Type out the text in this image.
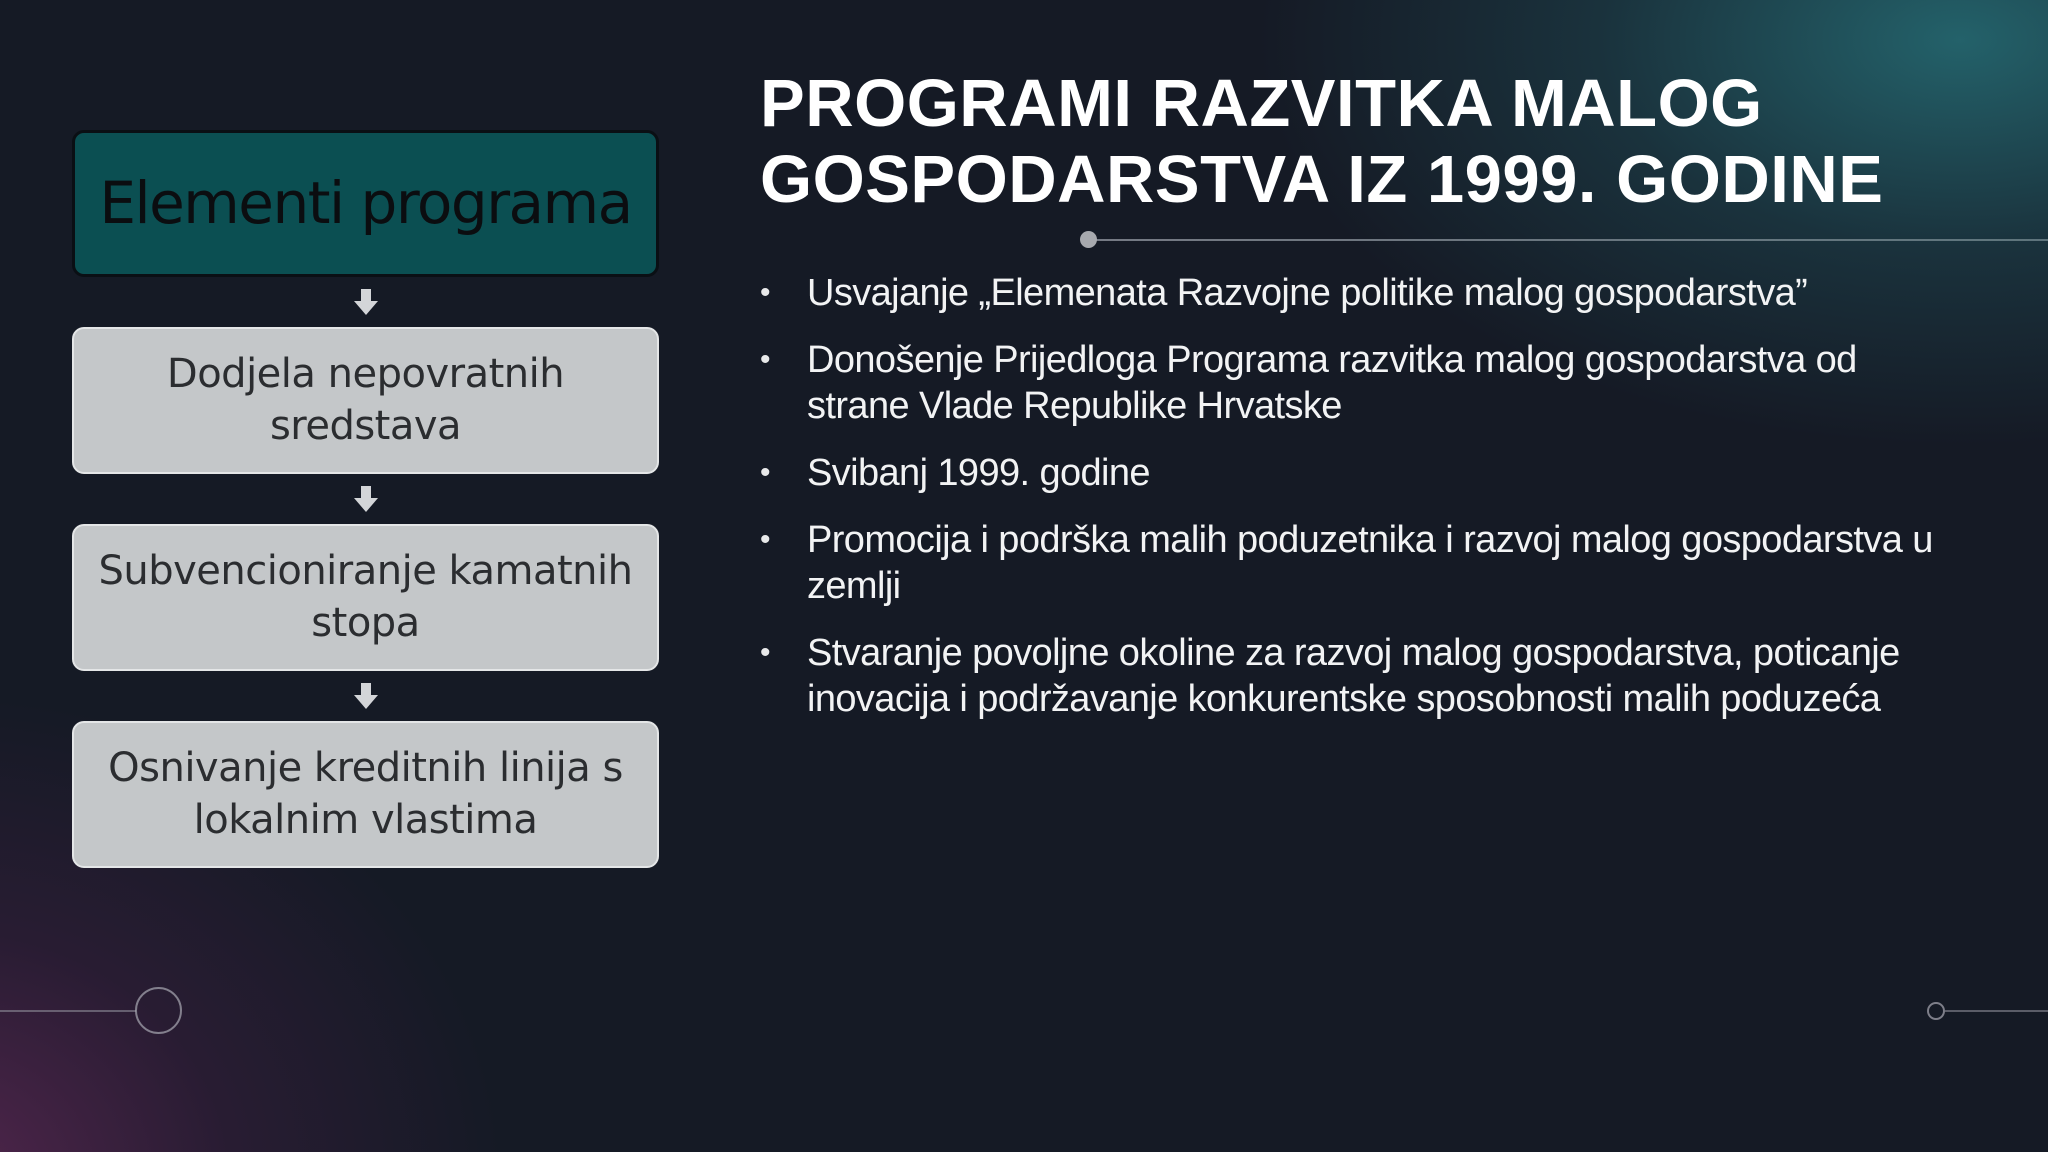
Elementi programa
Dodjela nepovratnih sredstava
Subvencioniranje kamatnih stopa
Osnivanje kreditnih linija s lokalnim vlastima
PROGRAMI RAZVITKA MALOG GOSPODARSTVA IZ 1999. GODINE
• Usvajanje „Elemenata Razvojne politike malog gospodarstva”
• Donošenje Prijedloga Programa razvitka malog gospodarstva od strane Vlade Republike Hrvatske
• Svibanj 1999. godine
• Promocija i podrška malih poduzetnika i razvoj malog gospodarstva u zemlji
• Stvaranje povoljne okoline za razvoj malog gospodarstva, poticanje inovacija i podržavanje konkurentske sposobnosti malih poduzeća
